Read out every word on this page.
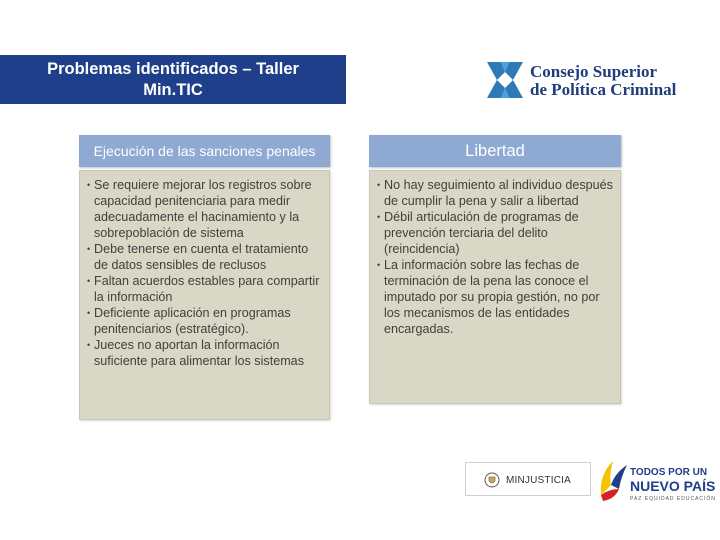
Problemas identificados – Taller
Min.TIC
Consejo Superior
de Política Criminal
Ejecución de las sanciones penales	Libertad
• Se requiere mejorar los registros sobre capacidad penitenciaria para medir adecuadamente el hacinamiento y la sobrepoblación de sistema
• Debe tenerse en cuenta el tratamiento de datos sensibles de reclusos
• Faltan acuerdos estables para compartir la información
• Deficiente aplicación en programas penitenciarios (estratégico).
• Jueces no aportan la información suficiente para alimentar los sistemas
• No hay seguimiento al individuo después de cumplir la pena y salir a libertad
• Débil articulación de programas de prevención terciaria del delito (reincidencia)
• La información sobre las fechas de terminación de la pena las conoce el imputado por su propia gestión, no por los mecanismos de las entidades encargadas.
MINJUSTICIA
TODOS POR UN
NUEVO PAÍS
PAZ EQUIDAD EDUCACIÓN
